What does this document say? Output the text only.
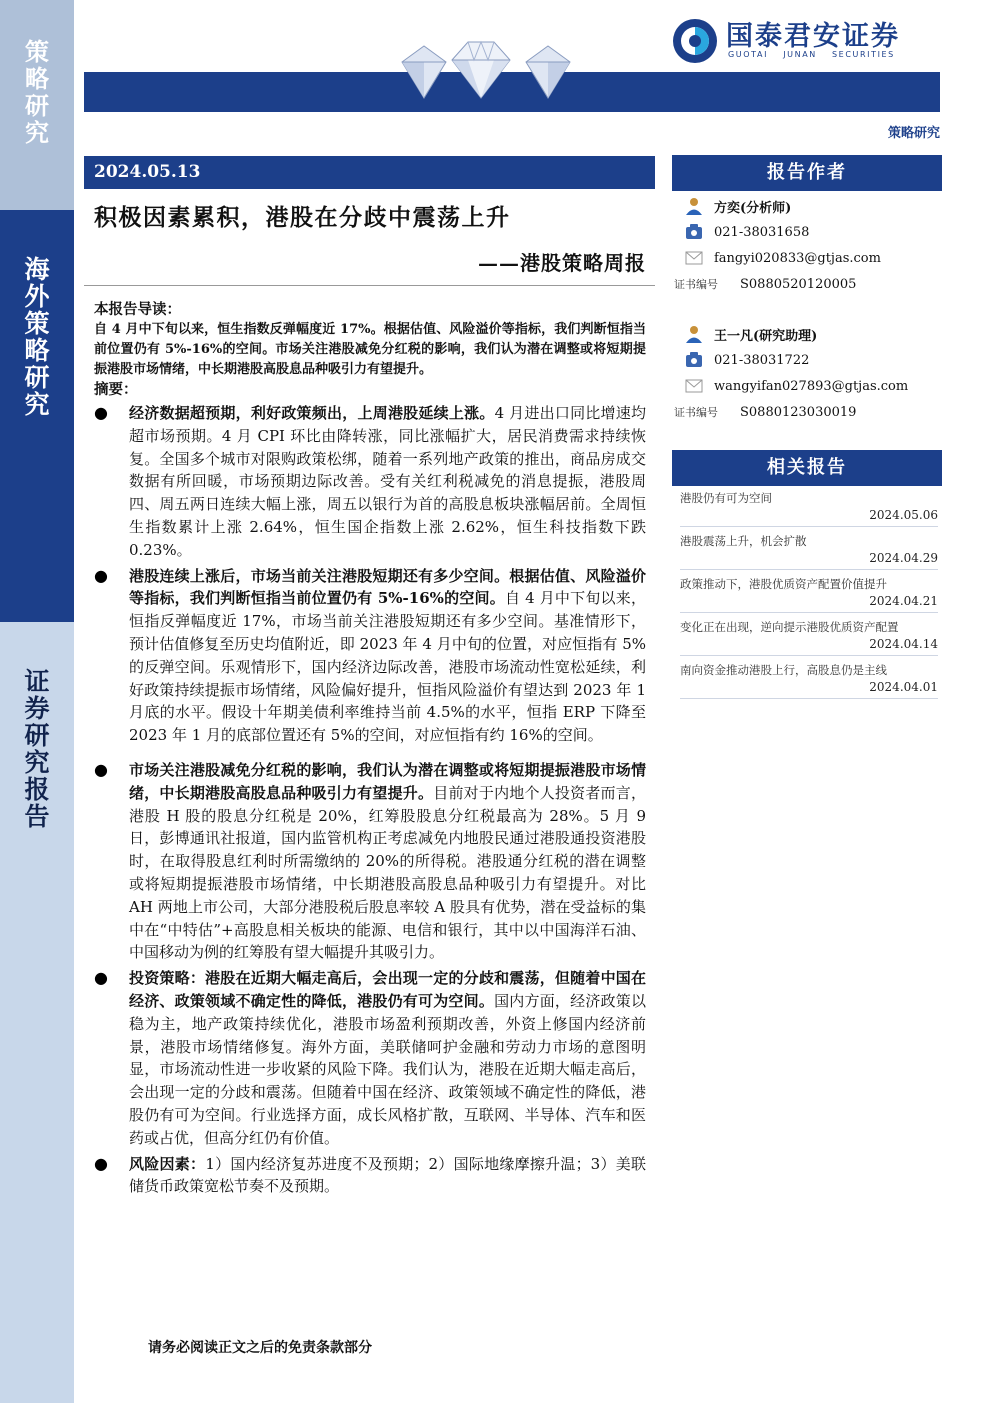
策略研究
海外策略研究
证券研究报告
国泰君安证券
GUOTAI JUNAN SECURITIES
策略研究
2024.05.13
积极因素累积，港股在分歧中震荡上升
——港股策略周报
本报告导读：
自 4 月中下旬以来，恒生指数反弹幅度近 17%。根据估值、风险溢价等指标，我们判断恒指当前位置仍有 5%-16%的空间。市场关注港股减免分红税的影响，我们认为潜在调整或将短期提振港股市场情绪，中长期港股高股息品种吸引力有望提升。
摘要：
● 经济数据超预期，利好政策频出，上周港股延续上涨。4 月进出口同比增速均超市场预期。4 月 CPI 环比由降转涨，同比涨幅扩大，居民消费需求持续恢复。全国多个城市对限购政策松绑，随着一系列地产政策的推出，商品房成交数据有所回暖，市场预期边际改善。受有关红利税减免的消息提振，港股周四、周五两日连续大幅上涨，周五以银行为首的高股息板块涨幅居前。全周恒生指数累计上涨 2.64%，恒生国企指数上涨 2.62%，恒生科技指数下跌 0.23%。
● 港股连续上涨后，市场当前关注港股短期还有多少空间。根据估值、风险溢价等指标，我们判断恒指当前位置仍有 5%-16%的空间。自 4 月中下旬以来，恒指反弹幅度近 17%，市场当前关注港股短期还有多少空间。基准情形下，预计估值修复至历史均值附近，即 2023 年 4 月中旬的位置，对应恒指有 5%的反弹空间。乐观情形下，国内经济边际改善，港股市场流动性宽松延续，利好政策持续提振市场情绪，风险偏好提升，恒指风险溢价有望达到 2023 年 1 月底的水平。假设十年期美债利率维持当前 4.5%的水平，恒指 ERP 下降至 2023 年 1 月的底部位置还有 5%的空间，对应恒指有约 16%的空间。
● 市场关注港股减免分红税的影响，我们认为潜在调整或将短期提振港股市场情绪，中长期港股高股息品种吸引力有望提升。目前对于内地个人投资者而言，港股 H 股的股息分红税是 20%，红筹股股息分红税最高为 28%。5 月 9 日，彭博通讯社报道，国内监管机构正考虑减免内地股民通过港股通投资港股时，在取得股息红利时所需缴纳的 20%的所得税。港股通分红税的潜在调整或将短期提振港股市场情绪，中长期港股高股息品种吸引力有望提升。对比 AH 两地上市公司，大部分港股税后股息率较 A 股具有优势，潜在受益标的集中在“中特估”+高股息相关板块的能源、电信和银行，其中以中国海洋石油、中国移动为例的红筹股有望大幅提升其吸引力。
● 投资策略：港股在近期大幅走高后，会出现一定的分歧和震荡，但随着中国在经济、政策领域不确定性的降低，港股仍有可为空间。国内方面，经济政策以稳为主，地产政策持续优化，港股市场盈利预期改善，外资上修国内经济前景，港股市场情绪修复。海外方面，美联储呵护金融和劳动力市场的意图明显，市场流动性进一步收紧的风险下降。我们认为，港股在近期大幅走高后，会出现一定的分歧和震荡。但随着中国在经济、政策领域不确定性的降低，港股仍有可为空间。行业选择方面，成长风格扩散，互联网、半导体、汽车和医药或占优，但高分红仍有价值。
● 风险因素：1）国内经济复苏进度不及预期；2）国际地缘摩擦升温；3）美联储货币政策宽松节奏不及预期。
请务必阅读正文之后的免责条款部分
报告作者
方奕(分析师)
021-38031658
fangyi020833@gtjas.com
证书编号	S0880520120005
王一凡(研究助理)
021-38031722
wangyifan027893@gtjas.com
证书编号	S0880123030019
相关报告
港股仍有可为空间
2024.05.06
港股震荡上升，机会扩散
2024.04.29
政策推动下，港股优质资产配置价值提升
2024.04.21
变化正在出现，逆向提示港股优质资产配置
2024.04.14
南向资金推动港股上行，高股息仍是主线
2024.04.01
